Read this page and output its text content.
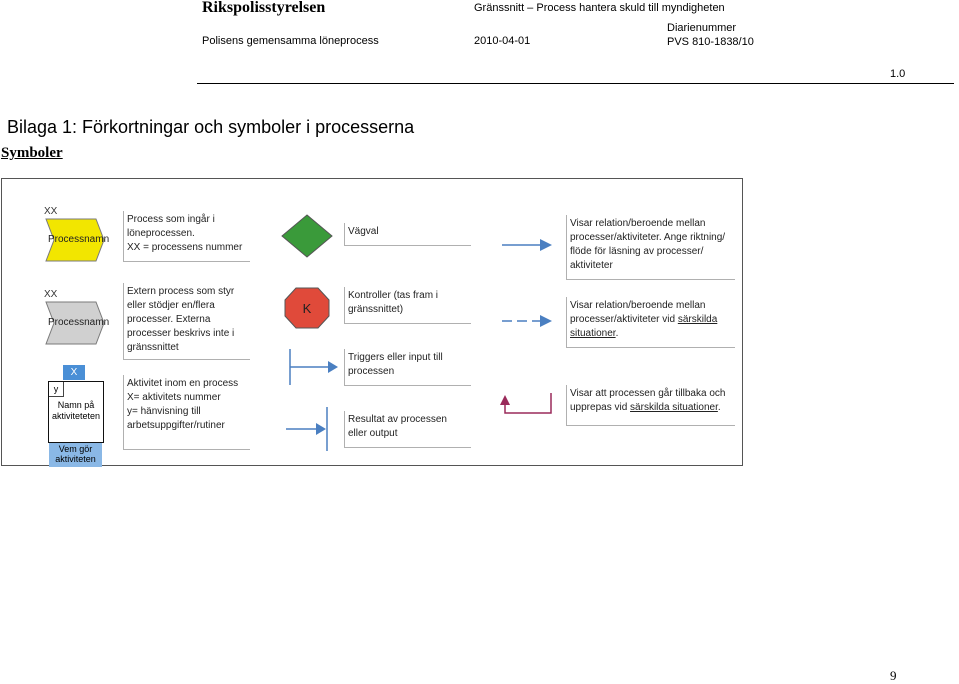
Rikspolisstyrelsen	Gränssnitt – Process hantera skuld till myndigheten
Polisens gemensamma löneprocess	2010-04-01
Diarienummer
PVS 810-1838/10
1.0
Bilaga 1: Förkortningar och symboler i processerna
Symboler
XX
Processnamn
Process som ingår i
löneprocessen.
XX = processens nummer
XX
Processnamn
Extern process som styr
eller stödjer en/flera
processer. Externa
processer beskrivs inte i
gränssnittet
X
y
Namn på
aktiviteteten
Vem gör
aktiviteten
Aktivitet inom en process
X= aktivitets nummer
y= hänvisning till
arbetsuppgifter/rutiner
Vägval
K
Kontroller (tas fram i
gränssnittet)
Triggers eller input till
processen
Resultat av processen
eller output
Visar relation/beroende mellan
processer/aktiviteter. Ange riktning/
flöde för läsning av processer/
aktiviteter
Visar relation/beroende mellan
processer/aktiviteter vid särskilda
situationer.
Visar att processen går tillbaka och
upprepas vid särskilda situationer.
9
